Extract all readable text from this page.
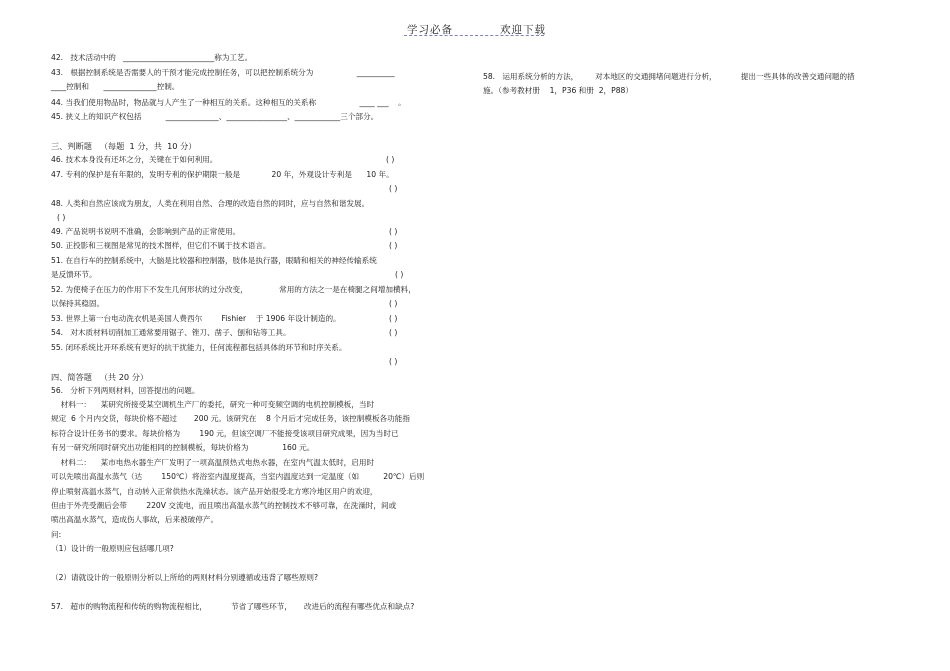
学习必备	欢迎下载
42.   技术活动中的   ________________________称为工艺。
43.   根据控制系统是否需要人的干预才能完成控制任务，可以把控制系统分为                  __________
____控制和      ______________控制。
44. 当我们使用物品时，物品就与人产生了一种相互的关系。这种相互的关系称                  ____ ___    。
45. 狭义上的知识产权包括          ______________、________________、____________三个部分。
三、判断题   （每题  1 分，共  10 分）
46. 技术本身没有还坏之分，关键在于如何利用。
47. 专利的保护是有年限的，发明专利的保护期限一般是             20 年，外观设计专利是      10 年。
48. 人类和自然应该成为朋友，人类在利用自然、合理的改造自然的同时，应与自然和谐发展。
49. 产品说明书说明不准确，会影响到产品的正常使用。
50. 正投影和三视图是常见的技术图样，但它们不属于技术语言。
51. 在自行车的控制系统中，大脑是比较器和控制器，肢体是执行器，眼睛和相关的神经传输系统
是反馈环节。
52. 为使椅子在压力的作用下不发生几何形状的过分改变，             常用的方法之一是在椅腿之间增加横料，
以保持其稳固。
53. 世界上第一台电动洗衣机是美国人费西尔        Fishier    于 1906 年设计制造的。
54.   对木质材料切削加工通常要用锯子、锉刀、凿子、刨和钻等工具。
55. 闭环系统比开环系统有更好的抗干扰能力，任何流程都包括具体的环节和时序关系。
四、简答题   （共 20 分）
56.   分析下列两则材料，回答提出的问题。
材料一：    某研究所接受某空调机生产厂的委托，研究一种可变频空调的电机控制模板，当时
规定  6 个月内交货，每块价格不超过       200 元。该研究在    8 个月后才完成任务，该控制模板各功能指
标符合设计任务书的要求。每块价格为        190 元，但该空调厂不能接受该项目研究成果，因为当时已
有另一研究所同时研究出功能相同的控制模板，每块价格为              160 元。
材料二：    某市电热水器生产厂发明了一项高温预热式电热水器，在室内气温太低时，启用时
可以先喷出高温水蒸气（达        150℃）将浴室内温度提高，当室内温度达到一定温度（如          20℃）后则
停止喷射高温水蒸气，自动转入正常供热水洗澡状态。该产品开始很受北方寒冷地区用户的欢迎，
但由于外壳受潮后会带        220V 交流电，而且喷出高温水蒸气的控制技术不够可靠，在洗澡时，间或
喷出高温水蒸气，造成伤人事故，后来被破停产。
问:
（1）设计的一般原则应包括哪几项?
（2）请就设计的一般原则分析以上所给的两则材料分别遵循或违背了哪些原则?
57.   超市的购物流程和传统的购物流程相比，          节省了哪些环节，     改进后的流程有哪些优点和缺点?
( )
( )
( )
( )
( )
( )
( )
( )
( )
( )
58.   运用系统分析的方法，       对本地区的交通拥堵问题进行分析，          提出一些具体的改善交通问题的措
施。（参考教材册    1，P36 和册  2，P88）
